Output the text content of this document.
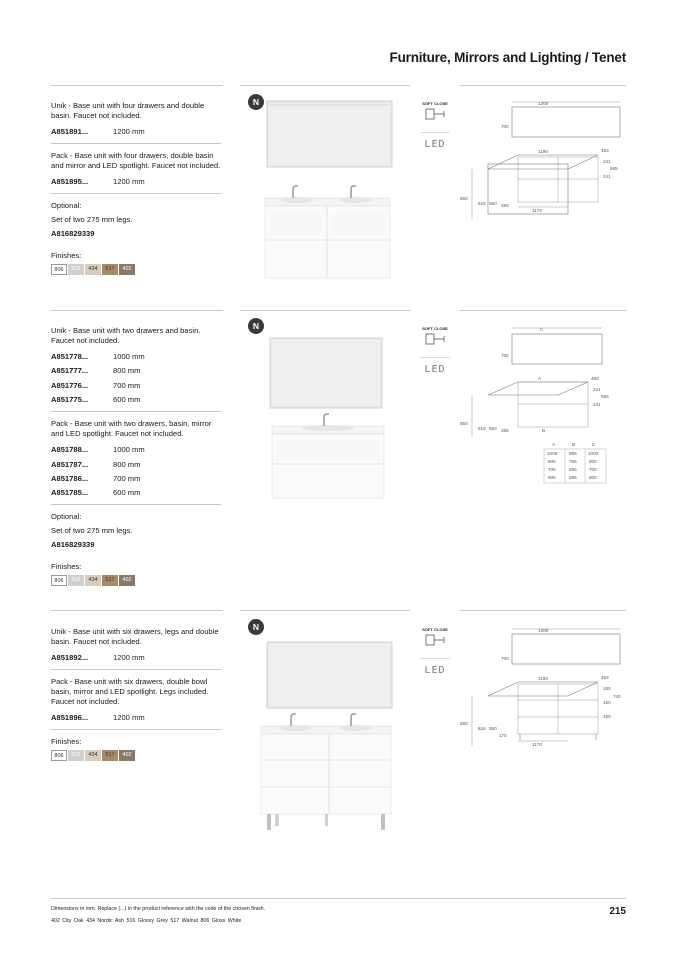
Furniture, Mirrors and Lighting / Tenet

Unik - Base unit with four drawers and double basin. Faucet not included.

A851891...	1200 mm

Pack - Base unit with four drawers, double basin and mirror and LED spotlight. Faucet not included.

A851895...	1200 mm
Optional:
Set of two 275 mm legs.
A816829339
Finishes:
806	516	434	517	402
N	SOFT CLOSE
LED
1200
700
1190	453
241
585
241
850
616 550 285
1170

Unik - Base unit with two drawers and basin. Faucet not included.

A851778...	1000 mm
A851777...	800 mm
A851776...	700 mm
A851775...	600 mm

Pack - Base unit with two drawers, basin, mirror and LED spotlight. Faucet not included.

A851788...	1000 mm
A851787...	800 mm
A851786...	700 mm
A851785...	600 mm
Optional:
Set of two 275 mm legs.
A816829339
Finishes:
806	516	434	517	402
N	SOFT CLOSE
LED
C
700
A	460
241
585
241
850
616 550 285	B
A	B	C
1005	985 1000
805	785	800
705	685	700
605	585	600

Unik - Base unit with six drawers, legs and double basin. Faucet not included.

A851892...	1200 mm

Pack - Base unit with six drawers, double bowl basin, mirror and LED spotlight. Legs included. Faucet not included.

A851896...	1200 mm
Finishes:
806	516	434	517	402
N	SOFT CLOSE
LED
1200
700
1190	453
160
160
160
740
850
616 550
170
1170
Dimensions in mm. Replace (...) in the product reference with the code of the chosen finish.
402 City Oak 434 Nordic Ash 516 Glossy Grey 517 Walnut 806 Gloss White
215
